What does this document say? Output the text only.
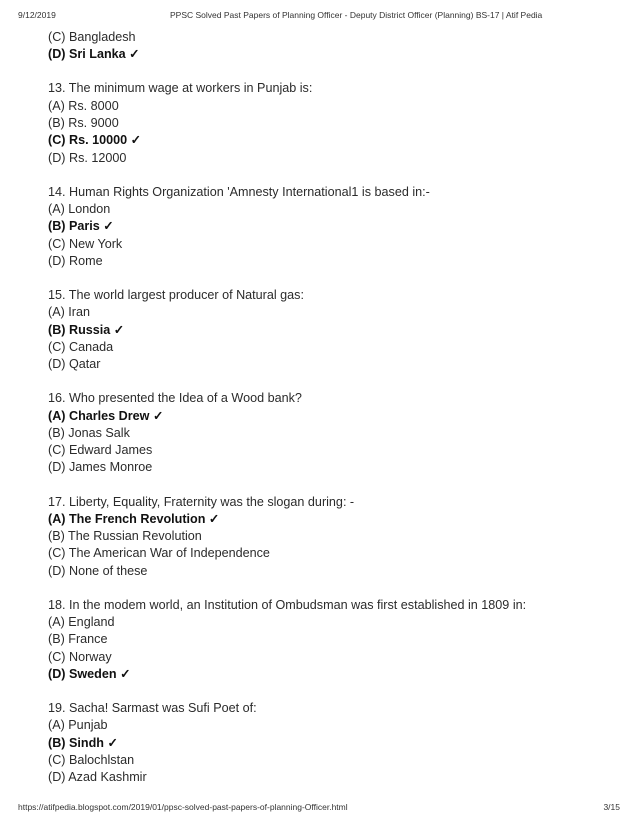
9/12/2019	PPSC Solved Past Papers of Planning Officer - Deputy District Officer (Planning) BS-17 | Atif Pedia
(C) Bangladesh
(D) Sri Lanka ✓
13. The minimum wage at workers in Punjab is:
(A) Rs. 8000
(B) Rs. 9000
(C) Rs. 10000 ✓
(D) Rs. 12000
14. Human Rights Organization 'Amnesty International1 is based in:-
(A) London
(B) Paris ✓
(C) New York
(D) Rome
15. The world largest producer of Natural gas:
(A) Iran
(B) Russia ✓
(C) Canada
(D) Qatar
16. Who presented the Idea of a Wood bank?
(A) Charles Drew ✓
(B) Jonas Salk
(C) Edward James
(D) James Monroe
17. Liberty, Equality, Fraternity was the slogan during: -
(A) The French Revolution ✓
(B) The Russian Revolution
(C) The American War of Independence
(D) None of these
18. In the modem world, an Institution of Ombudsman was first established in 1809 in:
(A) England
(B) France
(C) Norway
(D) Sweden ✓
19. Sacha! Sarmast was Sufi Poet of:
(A) Punjab
(B) Sindh ✓
(C) Balochlstan
(D) Azad Kashmir
https://atifpedia.blogspot.com/2019/01/ppsc-solved-past-papers-of-planning-Officer.html	3/15
